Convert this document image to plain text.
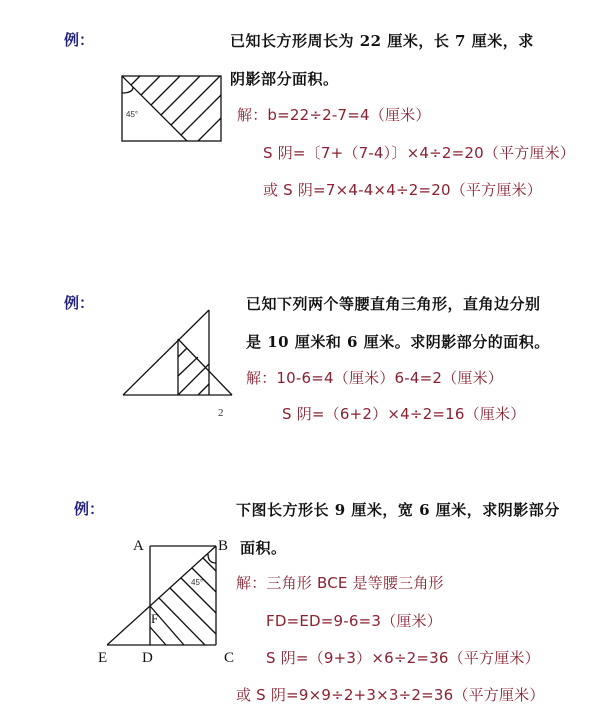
例：	已知长方形周长为 22 厘米，长 7 厘米，求
阴影部分面积。
解：b=22÷2-7=4（厘米）
S 阴=〔7+（7-4）〕×4÷2=20（平方厘米）
或 S 阴=7×4-4×4÷2=20（平方厘米）
45°
例：	已知下列两个等腰直角三角形，直角边分别
是 10 厘米和 6 厘米。求阴影部分的面积。
解：10-6=4（厘米）6-4=2（厘米）
S 阴=（6+2）×4÷2=16（厘米）
2
例：	下图长方形长 9 厘米，宽 6 厘米，求阴影部分
面积。
解：三角形 BCE 是等腰三角形
FD=ED=9-6=3（厘米）
S 阴=（9+3）×6÷2=36（平方厘米）
或 S 阴=9×9÷2+3×3÷2=36（平方厘米）
A	B
C
D
E
F
45°
